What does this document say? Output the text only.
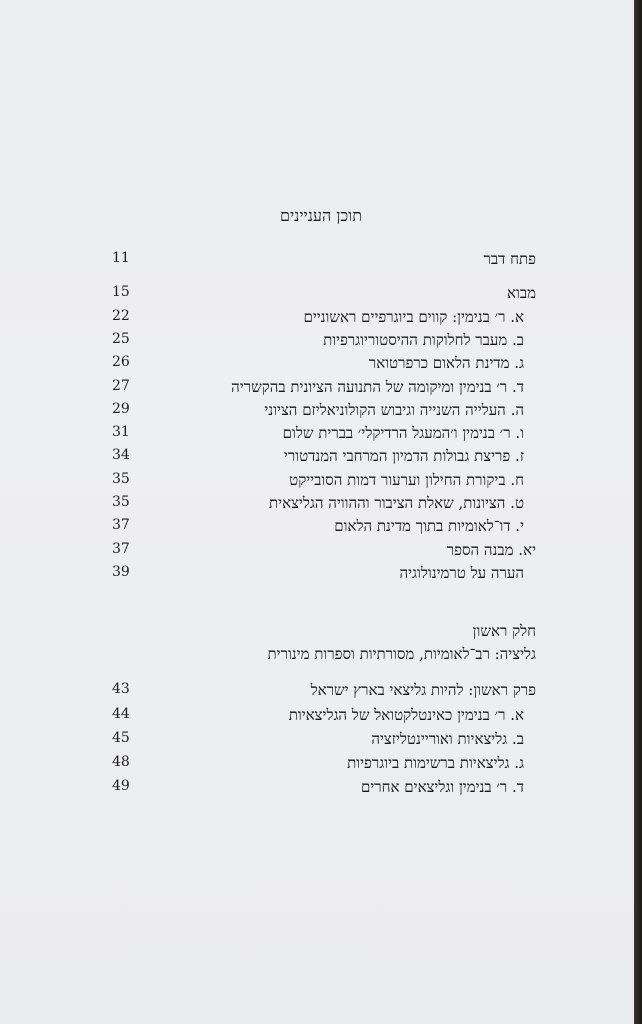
תוכן העניינים
11	פתח דבר
15	מבוא
22	א. ר׳ בנימין: קווים ביוגרפיים ראשוניים
25	ב. מעבר לחלוקות ההיסטוריוגרפיות
26	ג. מדינת הלאום כרפרטואר
27	ד. ר׳ בנימין ומיקומה של התנועה הציונית בהקשריה
29	ה. העלייה השנייה וגיבוש הקולוניאליזם הציוני
31	ו. ר׳ בנימין ו׳המעגל הרדיקלי׳ בברית שלום
34	ז. פריצת גבולות הדמיון המרחבי המנדטורי
35	ח. ביקורת החילון וערעור דמות הסובייקט
35	ט. הציונות, שאלת הציבור וההוויה הגליצאית
37	י. דו־לאומיות בתוך מדינת הלאום
37	יא. מבנה הספר
39	הערה על טרמינולוגיה
חלק ראשון
גליציה: רב־לאומיות, מסורתיות וספרות מינורית
43	פרק ראשון: להיות גליצאי בארץ ישראל
44	א. ר׳ בנימין כאינטלקטואל של הגליצאיות
45	ב. גליצאיות ואוריינטליזציה
48	ג. גליצאיות ברשימות ביוגרפיות
49	ד. ר׳ בנימין וגליצאים אחרים
